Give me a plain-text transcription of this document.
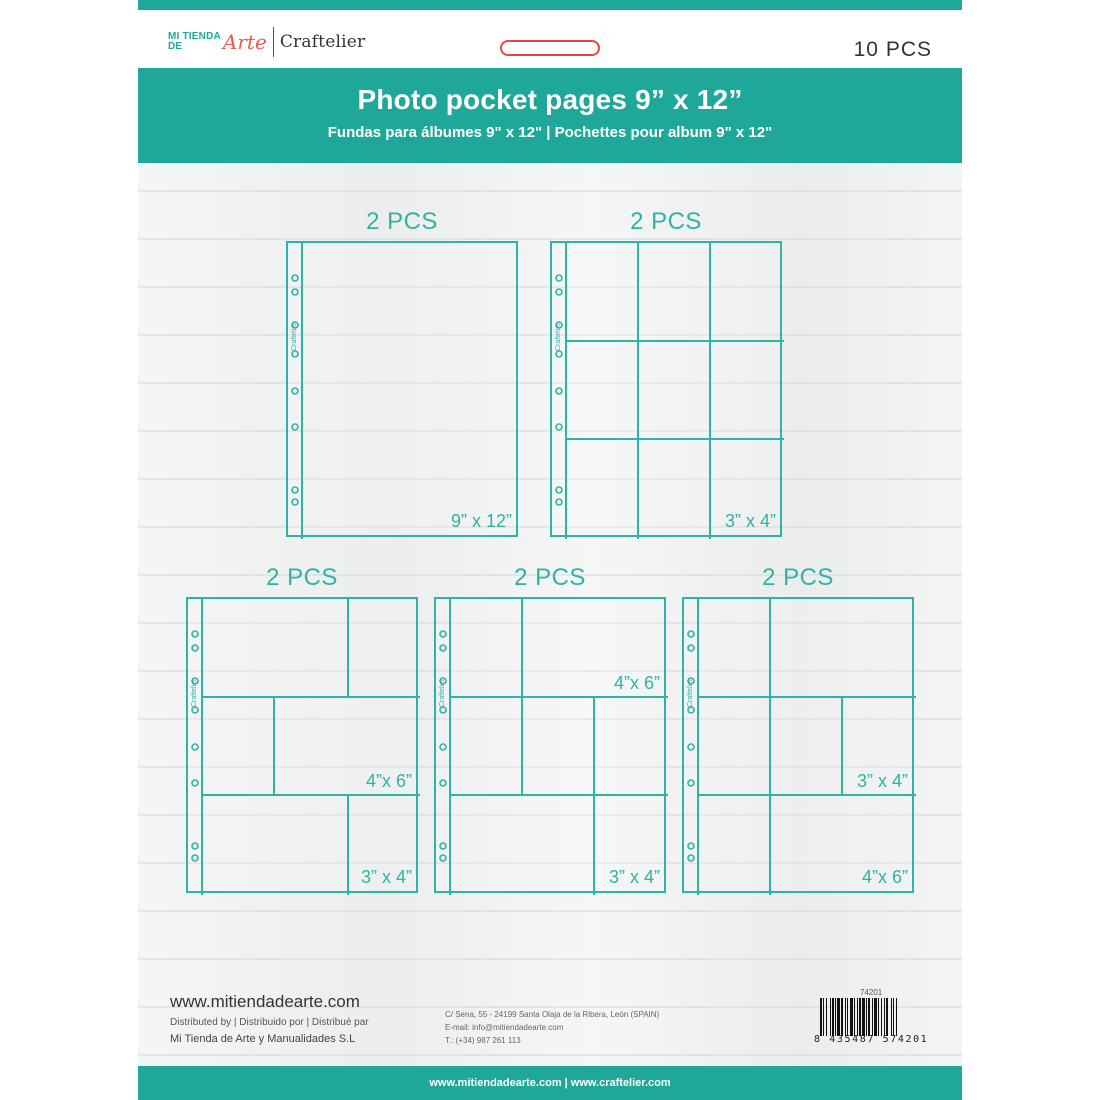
MI TIENDA
DE	Arte Craftelier	10 PCS
Photo pocket pages 9” x 12”
Fundas para álbumes 9" x 12" | Pochettes pour album 9" x 12"
2 PCS
Craftelier
9” x 12”
2 PCS
Craftelier
3” x 4”
2 PCS
Craftelier
4”x 6”
3” x 4”
2 PCS
Craftelier	4”x 6”
3” x 4”
2 PCS
Craftelier
3” x 4”
4”x 6”
www.mitiendadearte.com
Distributed by | Distribuido por | Distribué par
Mi Tienda de Arte y Manualidades S.L
C/ Sena, 55 - 24199 Santa Olaja de la Ribera, León (SPAIN)
E-mail: info@mitiendadearte.com
T.: (+34) 987 261 113
74201
8 435487 574201
www.mitiendadearte.com | www.craftelier.com
